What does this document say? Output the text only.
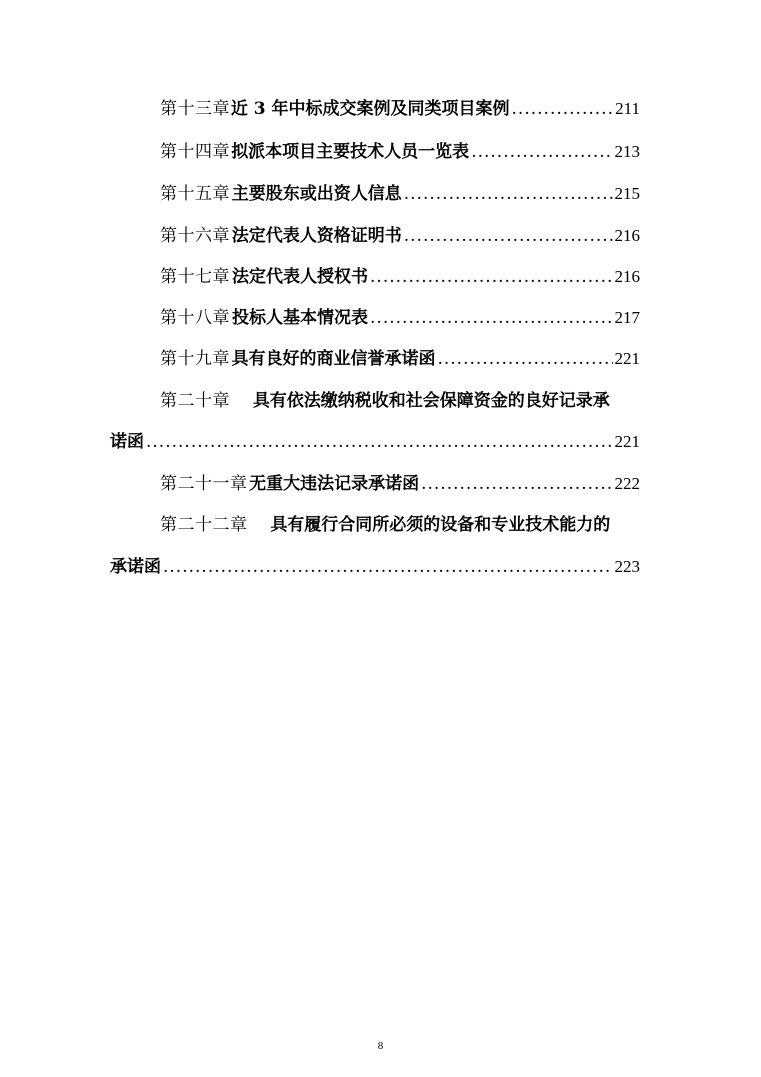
第十三章 近 3 年中标成交案例及同类项目案例 .....	211
第十四章 拟派本项目主要技术人员一览表 .....	213
第十五章 主要股东或出资人信息 .....	215
第十六章 法定代表人资格证明书 .....	216
第十七章 法定代表人授权书 .....	216
第十八章 投标人基本情况表 .....	217
第十九章 具有良好的商业信誉承诺函 .....	221
第二十章 具有依法缴纳税收和社会保障资金的良好记录承
诺函 .....	221
第二十一章 无重大违法记录承诺函 .....	222
第二十二章 具有履行合同所必须的设备和专业技术能力的
承诺函 .....	223
8
